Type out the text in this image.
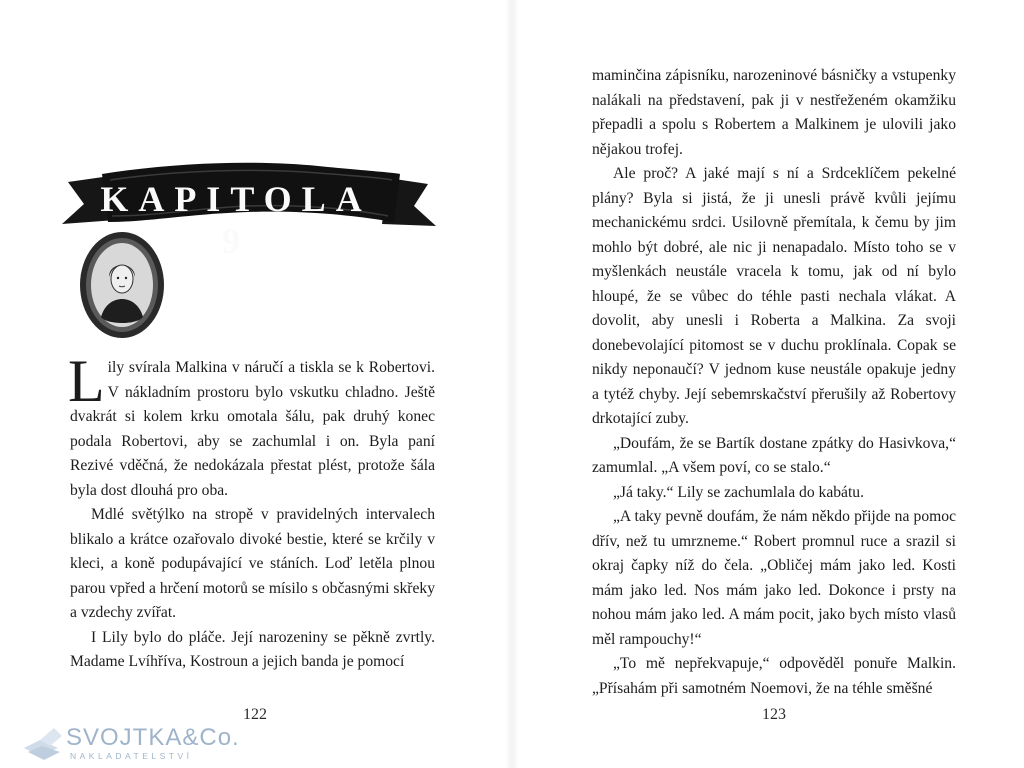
KAPITOLA 9

Lily svírala Malkina v náručí a tiskla se k Robertovi. V nákladním prostoru bylo vskutku chladno. Ještě dvakrát si kolem krku omotala šálu, pak druhý konec podala Robertovi, aby se zachumlal i on. Byla paní Rezivé vděčná, že nedokázala přestat plést, protože šála byla dost dlouhá pro oba.

Mdlé světýlko na stropě v pravidelných intervalech blikalo a krátce ozařovalo divoké bestie, které se krčily v kleci, a koně podupávající ve stáních. Loď letěla plnou parou vpřed a hrčení motorů se mísilo s občasnými skřeky a vzdechy zvířat.

I Lily bylo do pláče. Její narozeniny se pěkně zvrtly. Madame Lvíhříva, Kostroun a jejich banda je pomocí

maminčina zápisníku, narozeninové básničky a vstupenky nalákali na představení, pak ji v nestřeženém okamžiku přepadli a spolu s Robertem a Malkinem je ulovili jako nějakou trofej.

Ale proč? A jaké mají s ní a Srdceklíčem pekelné plány? Byla si jistá, že ji unesli právě kvůli jejímu mechanickému srdci. Usilovně přemítala, k čemu by jim mohlo být dobré, ale nic ji nenapadalo. Místo toho se v myšlenkách neustále vracela k tomu, jak od ní bylo hloupé, že se vůbec do téhle pasti nechala vlákat. A dovolit, aby unesli i Roberta a Malkina. Za svoji donebevolající pitomost se v duchu proklínala. Copak se nikdy neponaučí? V jednom kuse neustále opakuje jedny a tytéž chyby. Její sebemrskačství přerušily až Robertovy drkotající zuby.

„Doufám, že se Bartík dostane zpátky do Hasivkova,“ zamumlal. „A všem poví, co se stalo.“

„Já taky.“ Lily se zachumlala do kabátu.

„A taky pevně doufám, že nám někdo přijde na pomoc dřív, než tu umrzneme.“ Robert promnul ruce a srazil si okraj čapky níž do čela. „Obličej mám jako led. Kosti mám jako led. Nos mám jako led. Dokonce i prsty na nohou mám jako led. A mám pocit, jako bych místo vlasů měl rampouchy!“

„To mě nepřekvapuje,“ odpověděl ponuře Malkin. „Přísahám při samotném Noemovi, že na téhle směšné

122	123
SVOJTKA&Co.
NAKLADATELSTVÍ
